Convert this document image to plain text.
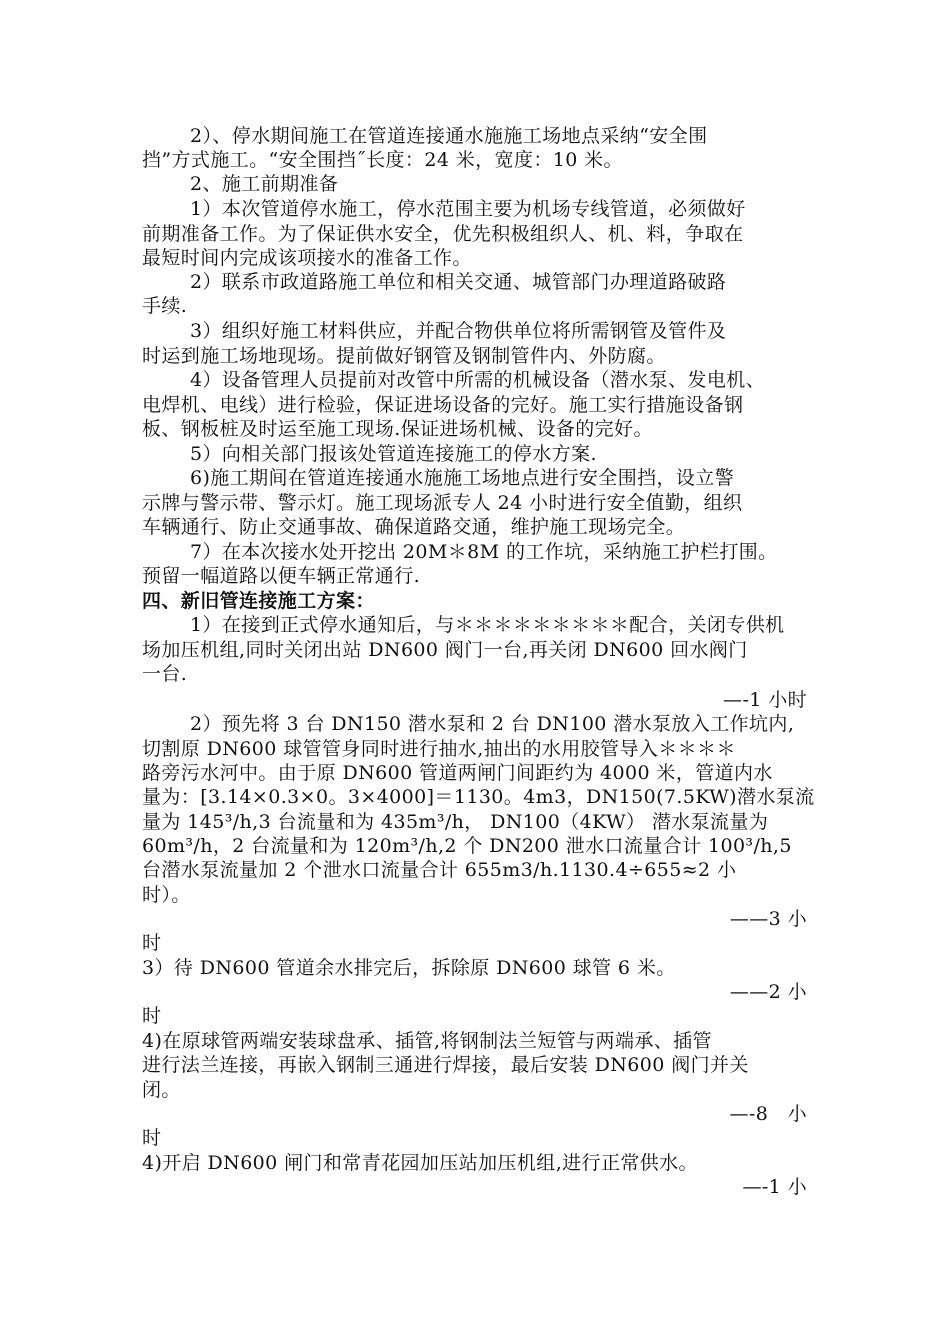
2）、停水期间施工在管道连接通水施施工场地点采纳“安全围
挡”方式施工。“安全围挡˝长度：24 米，宽度：10 米。
2、施工前期准备
1）本次管道停水施工，停水范围主要为机场专线管道，必须做好
前期准备工作。为了保证供水安全，优先积极组织人、机、料，争取在
最短时间内完成该项接水的准备工作。
2）联系市政道路施工单位和相关交通、城管部门办理道路破路
手续.
3）组织好施工材料供应，并配合物供单位将所需钢管及管件及
时运到施工场地现场。提前做好钢管及钢制管件内、外防腐。
4）设备管理人员提前对改管中所需的机械设备（潜水泵、发电机、
电焊机、电线）进行检验，保证进场设备的完好。施工实行措施设备钢
板、钢板桩及时运至施工现场.保证进场机械、设备的完好。
5）向相关部门报该处管道连接施工的停水方案.
6)施工期间在管道连接通水施施工场地点进行安全围挡，设立警
示牌与警示带、警示灯。施工现场派专人 24 小时进行安全值勤，组织
车辆通行、防止交通事故、确保道路交通，维护施工现场完全。
7）在本次接水处开挖出 20M＊8M 的工作坑，采纳施工护栏打围。
预留一幅道路以便车辆正常通行.
四、新旧管连接施工方案：
1）在接到正式停水通知后，与＊＊＊＊＊＊＊＊＊配合，关闭专供机
场加压机组,同时关闭出站 DN600 阀门一台,再关闭 DN600 回水阀门
一台.
—-1 小时
2）预先将 3 台 DN150 潜水泵和 2 台 DN100 潜水泵放入工作坑内,
切割原 DN600 球管管身同时进行抽水,抽出的水用胶管导入＊＊＊＊
路旁污水河中。由于原 DN600 管道两闸门间距约为 4000 米，管道内水
量为：[3.14×0.3×0。3×4000]＝1130。4m3，DN150(7.5KW)潜水泵流
量为 145³/h,3 台流量和为 435m³/h， DN100（4KW） 潜水泵流量为
60m³/h，2 台流量和为 120m³/h,2 个 DN200 泄水口流量合计 100³/h,5
台潜水泵流量加 2 个泄水口流量合计 655m3/h.1130.4÷655≈2 小
时）。
——3 小
时
3）待 DN600 管道余水排完后，拆除原 DN600 球管 6 米。
——2 小
时
4)在原球管两端安装球盘承、插管,将钢制法兰短管与两端承、插管
进行法兰连接，再嵌入钢制三通进行焊接，最后安装 DN600 阀门并关
闭。
—-8　小
时
4)开启 DN600 闸门和常青花园加压站加压机组,进行正常供水。
—-1 小
